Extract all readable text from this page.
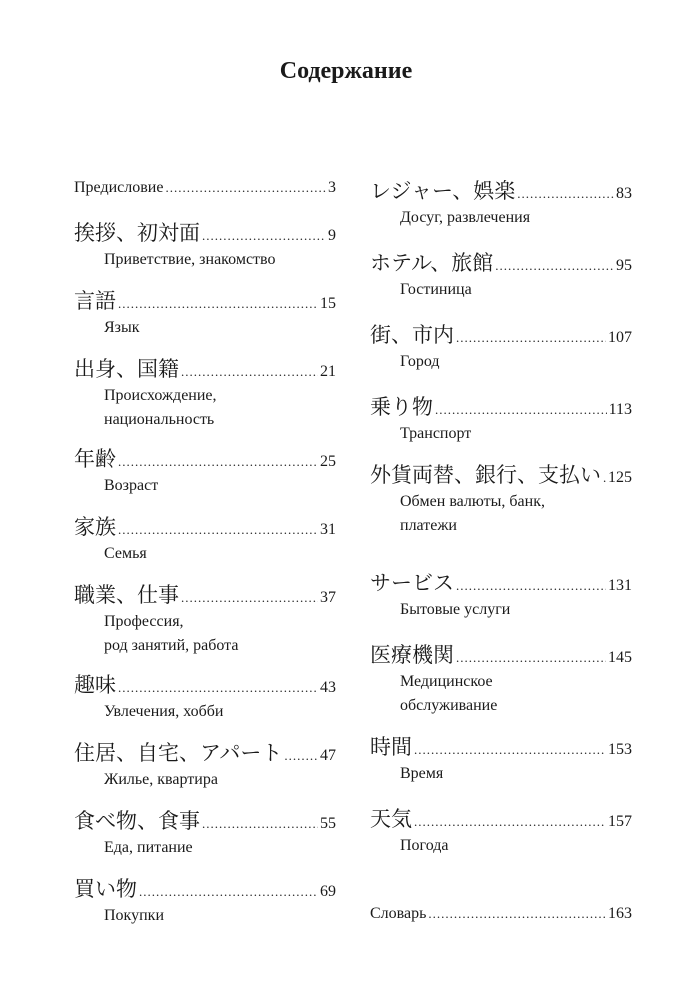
Содержание
Предисловие .....	3
挨拶、初対面 .....	9
Приветствие, знакомство
言語 .....	15
Язык
出身、国籍 .....	21
Происхождение,
национальность
年齢 .....	25
Возраст
家族 .....	31
Семья
職業、仕事 .....	37
Профессия,
род занятий, работа
趣味 .....	43
Увлечения, хобби
住居、自宅、アパート ..... 47
Жилье, квартира
食べ物、食事 .....	55
Еда, питание
買い物 .....	69
Покупки
レジャー、娯楽 .....	83
Досуг, развлечения
ホテル、旅館 .....	95
Гостиница
街、市内 .....	107
Город
乗り物 .....	113
Транспорт
外貨両替、銀行、支払い ..... 125
Обмен валюты, банк,
платежи
サービス .....	131
Бытовые услуги
医療機関 .....	145
Медицинское
обслуживание
時間 .....	153
Время
天気 .....	157
Погода
Словарь .....	163
